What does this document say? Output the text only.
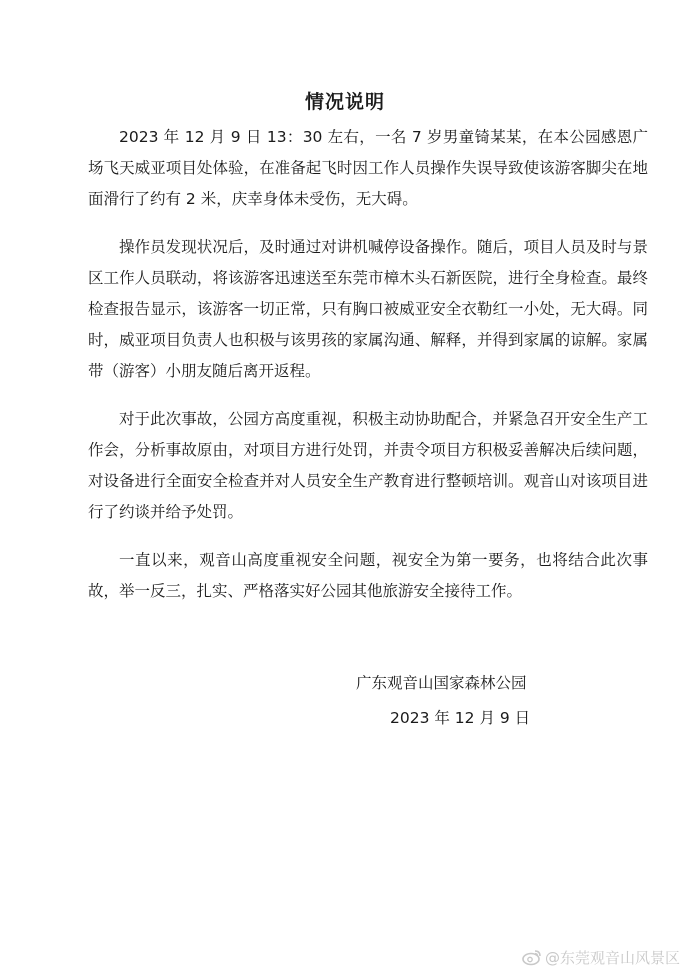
情况说明

2023 年 12 月 9 日 13：30 左右，一名 7 岁男童锜某某，在本公园感恩广场飞天威亚项目处体验，在准备起飞时因工作人员操作失误导致使该游客脚尖在地面滑行了约有 2 米，庆幸身体未受伤，无大碍。

操作员发现状况后，及时通过对讲机喊停设备操作。随后，项目人员及时与景区工作人员联动，将该游客迅速送至东莞市樟木头石新医院，进行全身检查。最终检查报告显示，该游客一切正常，只有胸口被威亚安全衣勒红一小处，无大碍。同时，威亚项目负责人也积极与该男孩的家属沟通、解释，并得到家属的谅解。家属带（游客）小朋友随后离开返程。

对于此次事故，公园方高度重视，积极主动协助配合，并紧急召开安全生产工作会，分析事故原由，对项目方进行处罚，并责令项目方积极妥善解决后续问题，对设备进行全面安全检查并对人员安全生产教育进行整顿培训。观音山对该项目进行了约谈并给予处罚。

一直以来，观音山高度重视安全问题，视安全为第一要务，也将结合此次事故，举一反三，扎实、严格落实好公园其他旅游安全接待工作。

广东观音山国家森林公园
2023 年 12 月 9 日
@东莞观音山风景区
